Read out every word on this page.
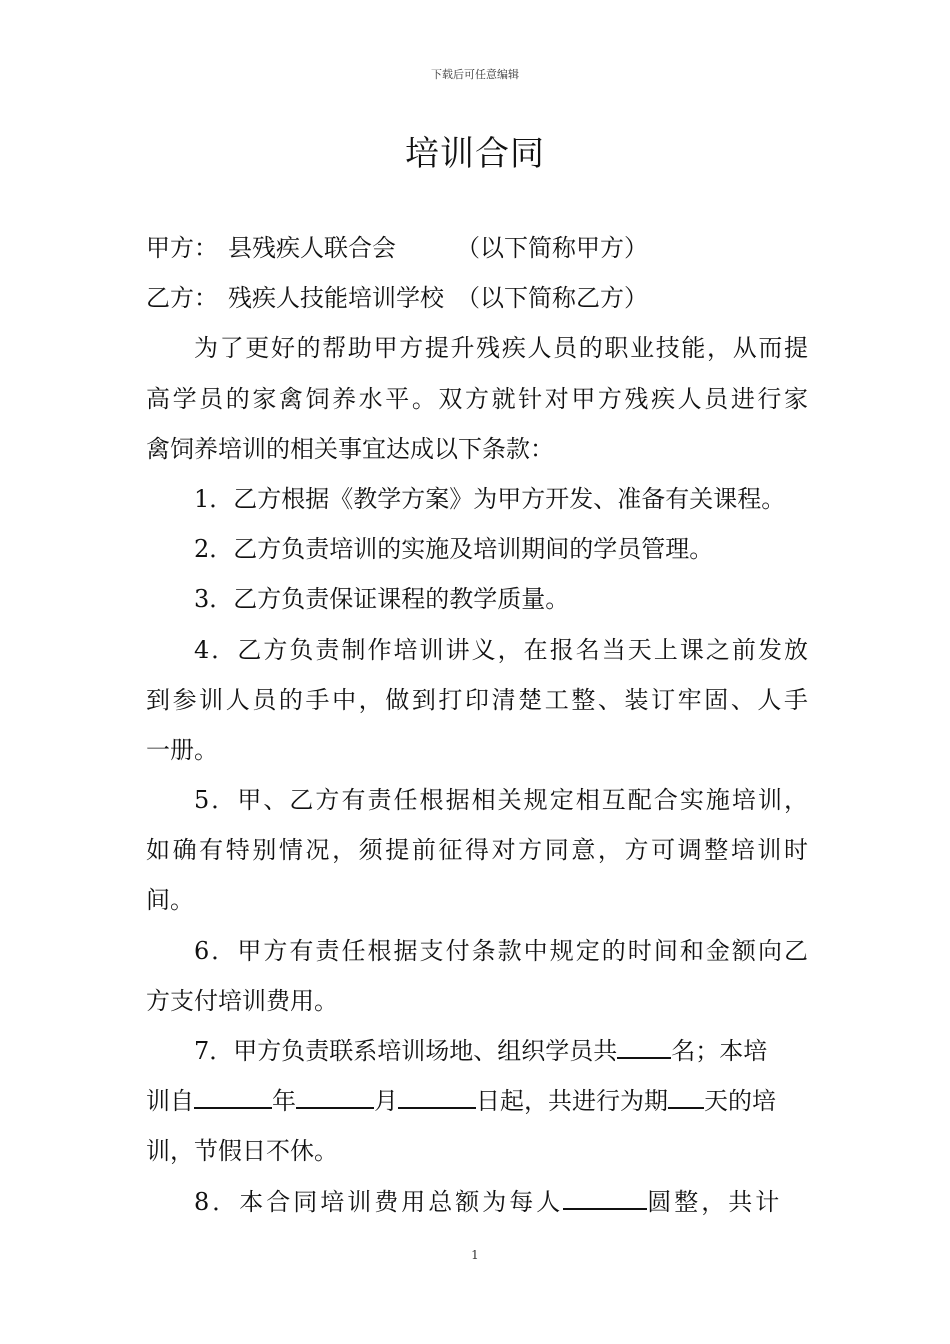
下载后可任意编辑
培训合同
甲方： 县残疾人联合会	（以下简称甲方）
乙方： 残疾人技能培训学校 （以下简称乙方）
为了更好的帮助甲方提升残疾人员的职业技能，从而提
高学员的家禽饲养水平。双方就针对甲方残疾人员进行家
禽饲养培训的相关事宜达成以下条款：
1．乙方根据《教学方案》为甲方开发、准备有关课程。
2．乙方负责培训的实施及培训期间的学员管理。
3．乙方负责保证课程的教学质量。
4．乙方负责制作培训讲义，在报名当天上课之前发放
到参训人员的手中，做到打印清楚工整、装订牢固、人手
一册。
5．甲、乙方有责任根据相关规定相互配合实施培训，
如确有特别情况，须提前征得对方同意，方可调整培训时
间。
6．甲方有责任根据支付条款中规定的时间和金额向乙
方支付培训费用。
7．甲方负责联系培训场地、组织学员共 名；本培
训自	年	月	日起，共进行为期 天的培
训，节假日不休。
8．本合同培训费用总额为每人	圆整，共计
1
